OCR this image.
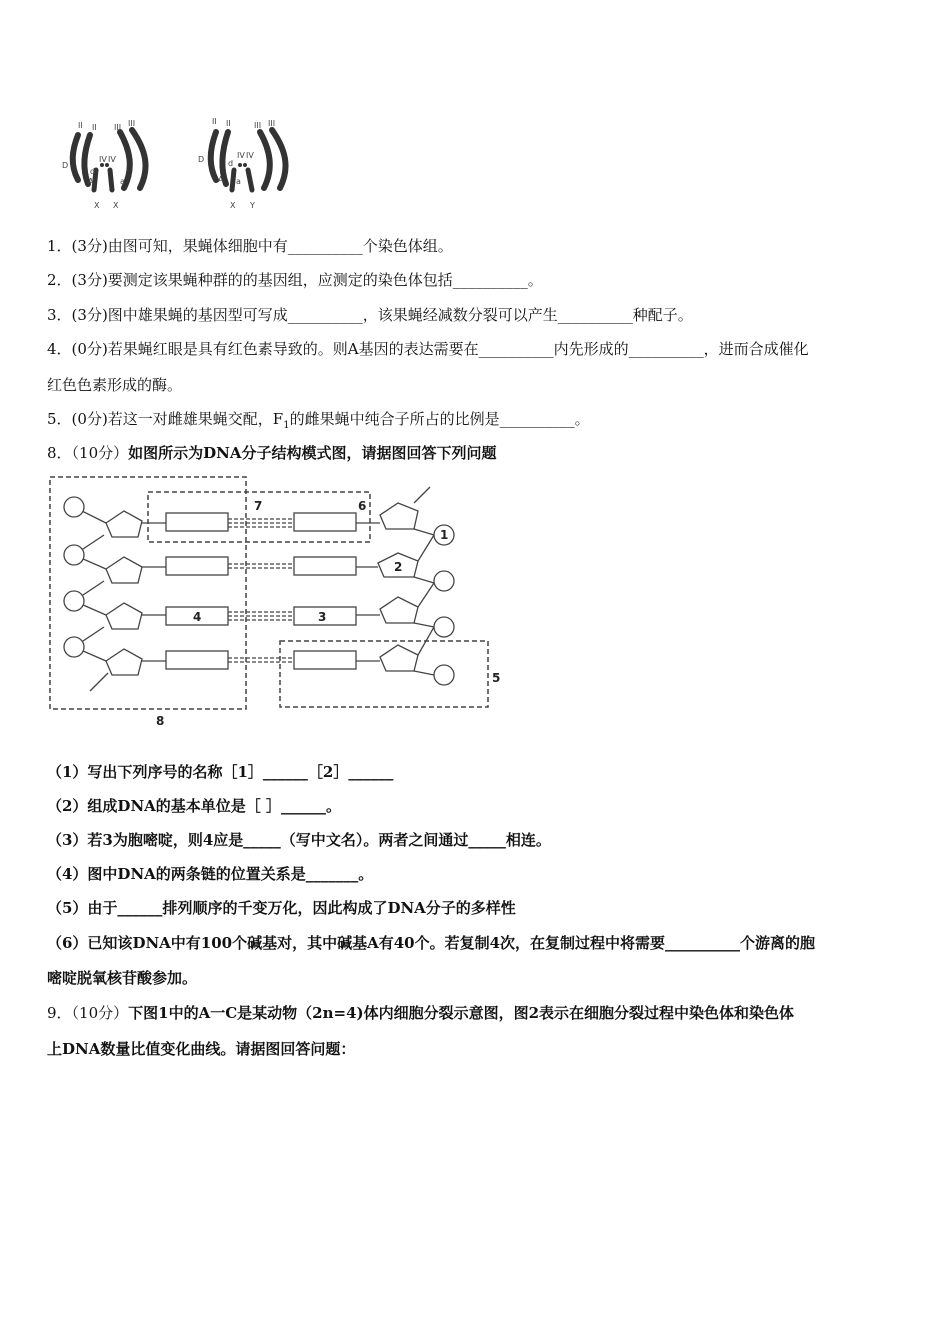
II II III III
D
d
IV IV
A	a
X X
II II	III III
D	d
IV IV
A a
X Y
1．(3分)由图可知，果蝇体细胞中有__________个染色体组。
2．(3分)要测定该果蝇种群的的基因组，应测定的染色体包括__________。
3．(3分)图中雄果蝇的基因型可写成__________，该果蝇经减数分裂可以产生__________种配子。
4．(0分)若果蝇红眼是具有红色素导致的。则A基因的表达需要在__________内先形成的__________，进而合成催化
红色色素形成的酶。
5．(0分)若这一对雌雄果蝇交配，$F_1$的雌果蝇中纯合子所占的比例是__________。
8．（10分）如图所示为DNA分子结构模式图，请据图回答下列问题
1
2
3
4
5
6
7
8
（1）写出下列序号的名称［1］______［2］______
（2）组成DNA的基本单位是［ ］______。
（3）若3为胞嘧啶，则4应是_____（写中文名）。两者之间通过_____相连。
（4）图中DNA的两条链的位置关系是_______。
（5）由于______排列顺序的千变万化，因此构成了DNA分子的多样性
（6）已知该DNA中有100个碱基对，其中碱基A有40个。若复制4次，在复制过程中将需要__________个游离的胞
嘧啶脱氧核苷酸参加。
9．（10分）下图1中的A一C是某动物（2n=4)体内细胞分裂示意图，图2表示在细胞分裂过程中染色体和染色体
上DNA数量比值变化曲线。请据图回答问题：
